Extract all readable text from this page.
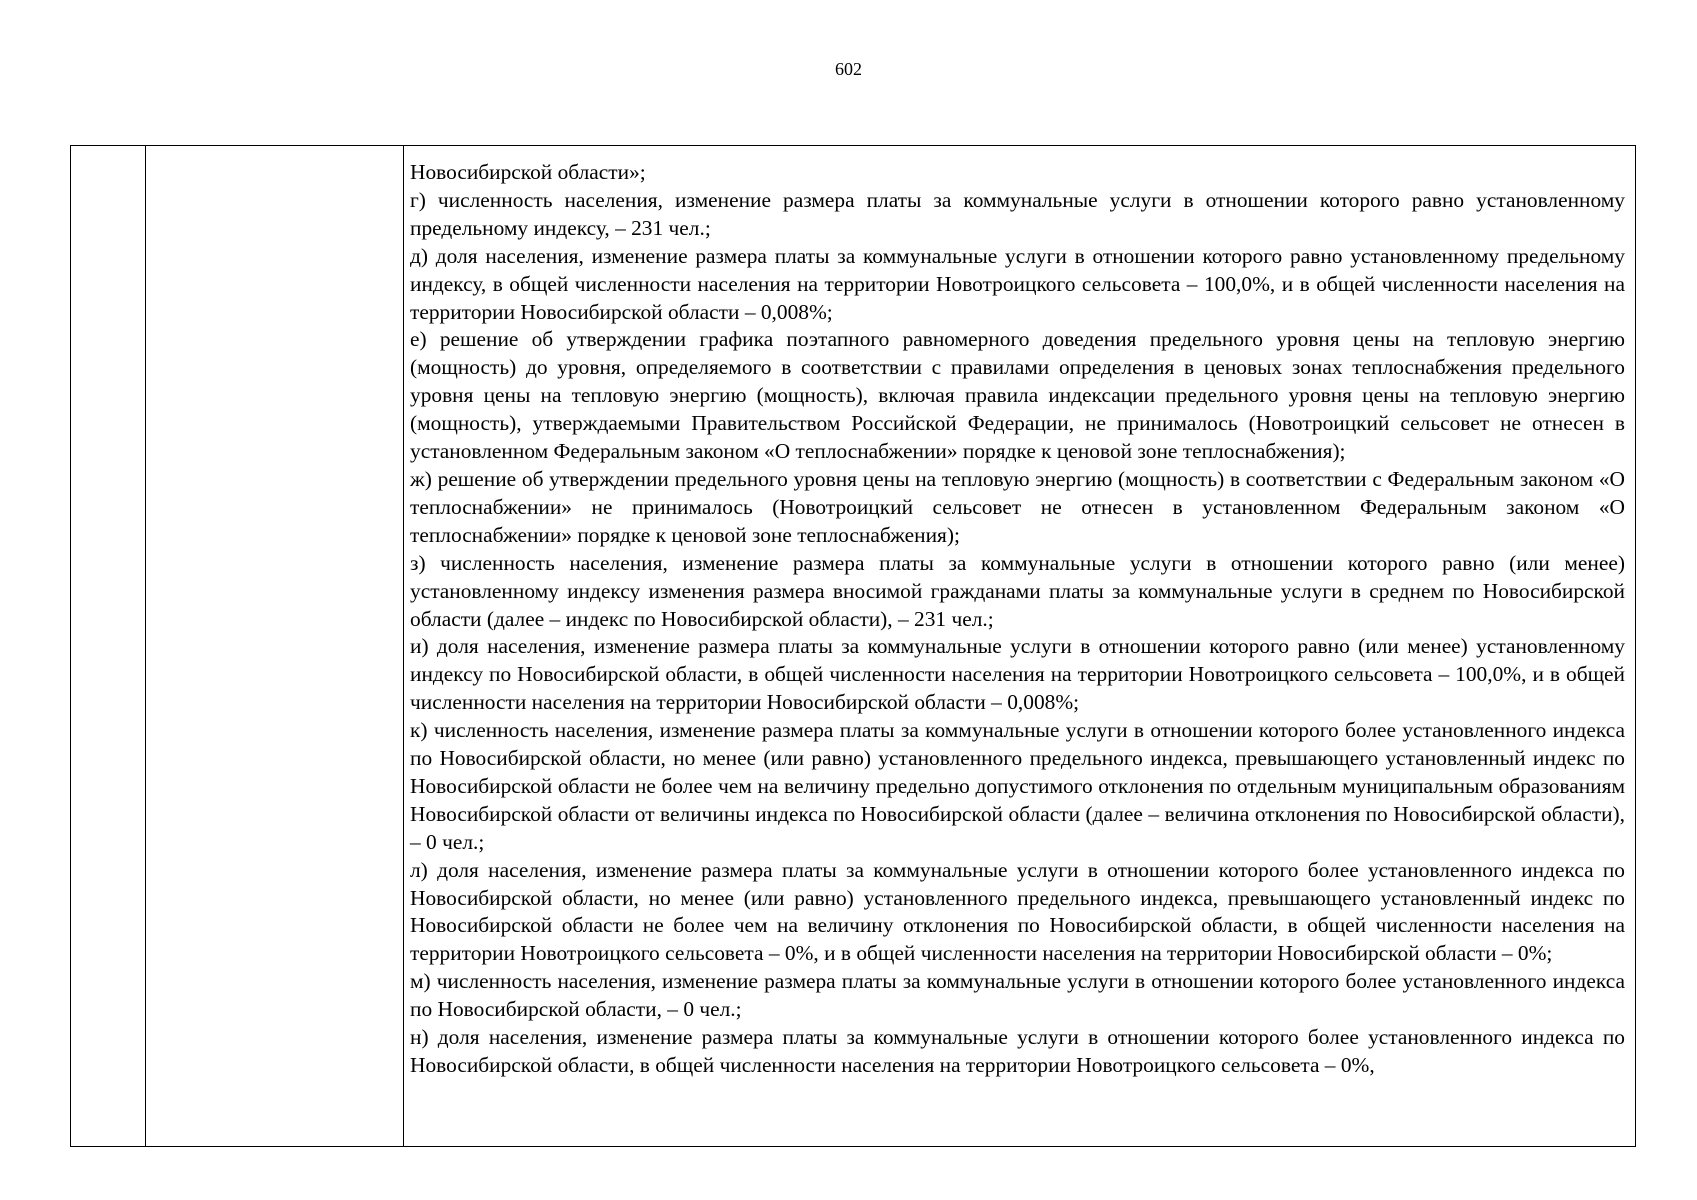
602

Новосибирской области»;

г) численность населения, изменение размера платы за коммунальные услуги в отношении которого равно установленному предельному индексу, – 231 чел.;

д) доля населения, изменение размера платы за коммунальные услуги в отношении которого равно установленному предельному индексу, в общей численности населения на территории Новотроицкого сельсовета – 100,0%, и в общей численности населения на территории Новосибирской области – 0,008%;

е) решение об утверждении графика поэтапного равномерного доведения предельного уровня цены на тепловую энергию (мощность) до уровня, определяемого в соответствии с правилами определения в ценовых зонах теплоснабжения предельного уровня цены на тепловую энергию (мощность), включая правила индексации предельного уровня цены на тепловую энергию (мощность), утверждаемыми Правительством Российской Федерации, не принималось (Новотроицкий сельсовет не отнесен в установленном Федеральным законом «О теплоснабжении» порядке к ценовой зоне теплоснабжения);

ж) решение об утверждении предельного уровня цены на тепловую энергию (мощность) в соответствии с Федеральным законом «О теплоснабжении» не принималось (Новотроицкий сельсовет не отнесен в установленном Федеральным законом «О теплоснабжении» порядке к ценовой зоне теплоснабжения);

з) численность населения, изменение размера платы за коммунальные услуги в отношении которого равно (или менее) установленному индексу изменения размера вносимой гражданами платы за коммунальные услуги в среднем по Новосибирской области (далее – индекс по Новосибирской области), – 231 чел.;

и) доля населения, изменение размера платы за коммунальные услуги в отношении которого равно (или менее) установленному индексу по Новосибирской области, в общей численности населения на территории Новотроицкого сельсовета – 100,0%, и в общей численности населения на территории Новосибирской области – 0,008%;

к) численность населения, изменение размера платы за коммунальные услуги в отношении которого более установленного индекса по Новосибирской области, но менее (или равно) установленного предельного индекса, превышающего установленный индекс по Новосибирской области не более чем на величину предельно допустимого отклонения по отдельным муниципальным образованиям Новосибирской области от величины индекса по Новосибирской области (далее – величина отклонения по Новосибирской области), – 0 чел.;

л) доля населения, изменение размера платы за коммунальные услуги в отношении которого более установленного индекса по Новосибирской области, но менее (или равно) установленного предельного индекса, превышающего установленный индекс по Новосибирской области не более чем на величину отклонения по Новосибирской области, в общей численности населения на территории Новотроицкого сельсовета – 0%, и в общей численности населения на территории Новосибирской области – 0%;

м) численность населения, изменение размера платы за коммунальные услуги в отношении которого более установленного индекса по Новосибирской области, – 0 чел.;

н) доля населения, изменение размера платы за коммунальные услуги в отношении которого более установленного индекса по Новосибирской области, в общей численности населения на территории Новотроицкого сельсовета – 0%,
